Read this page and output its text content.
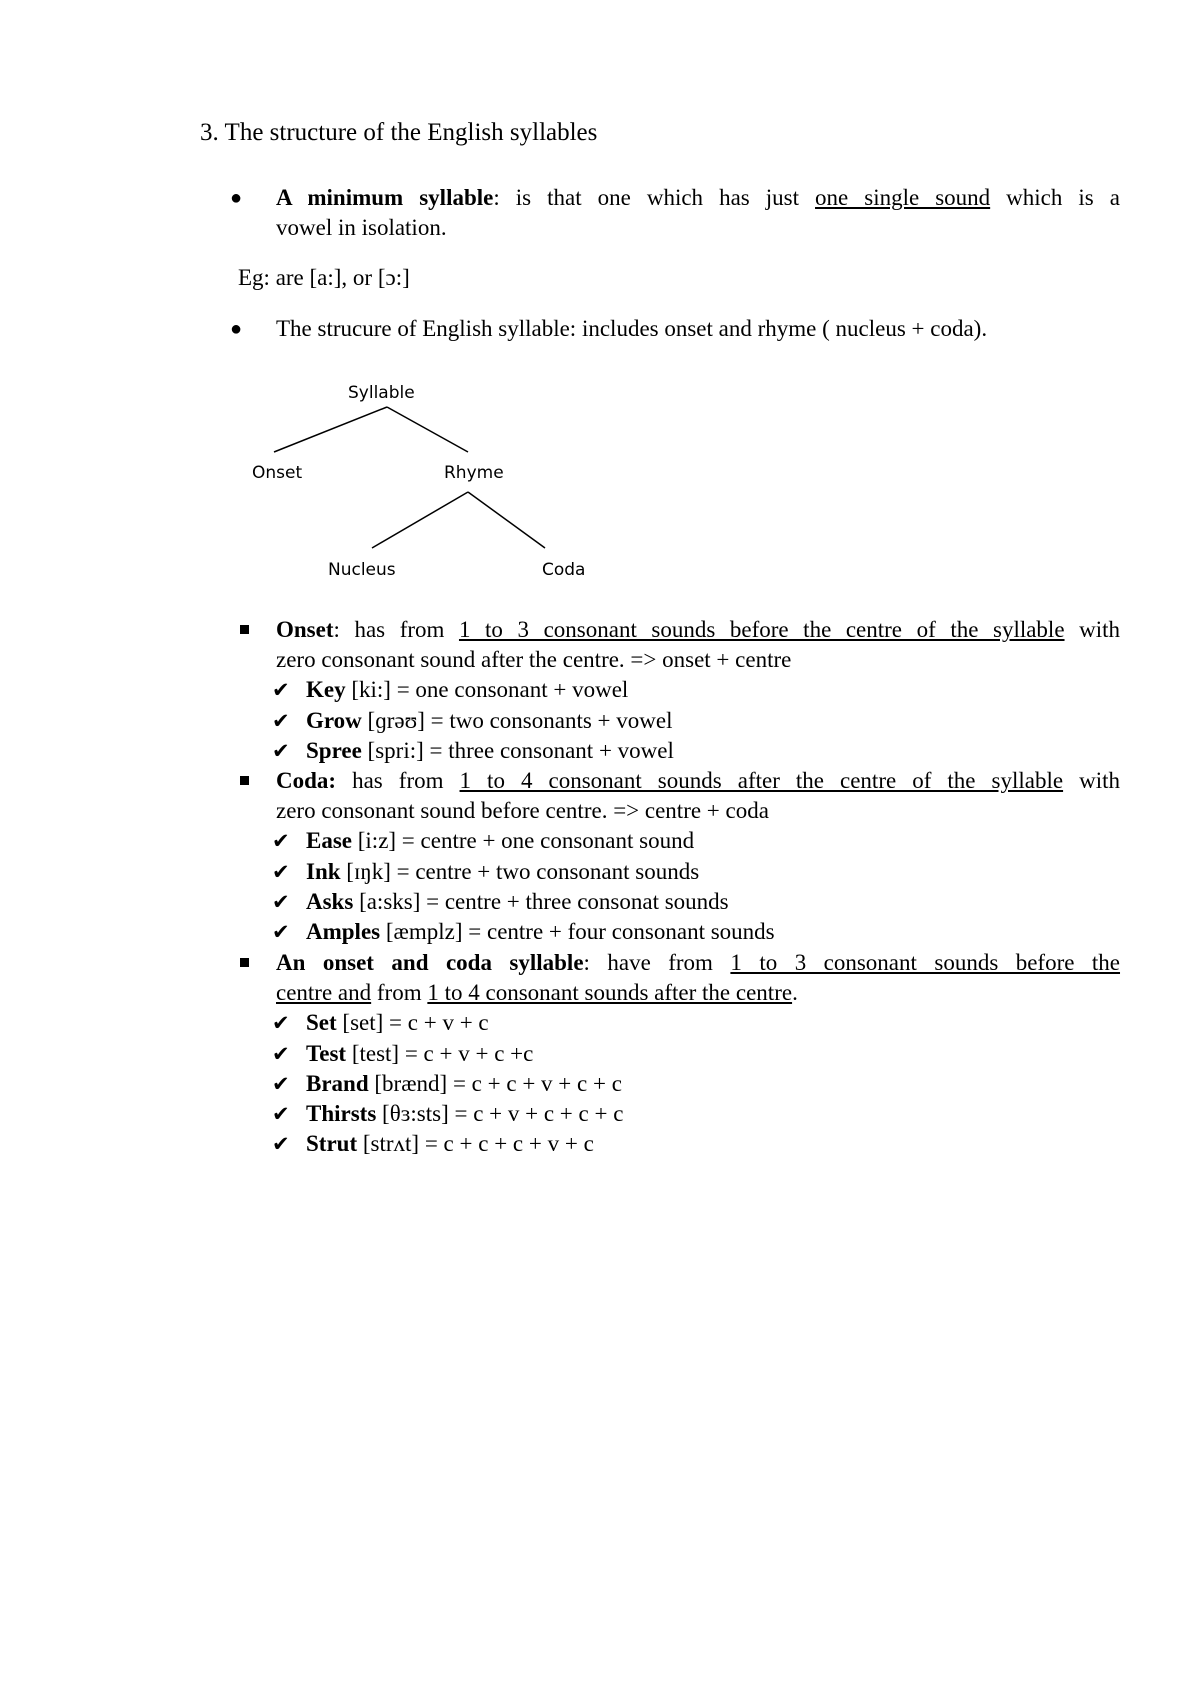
3. The structure of the English syllables
● A minimum syllable: is that one which has just one single sound which is a
vowel in isolation.
Eg: are [a:], or [ɔ:]
● The strucure of English syllable: includes onset and rhyme ( nucleus + coda).
Syllable
Onset	Rhyme
Nucleus	Coda
Onset: has from 1 to 3 consonant sounds before the centre of the syllable with
zero consonant sound after the centre. => onset + centre
✔ Key [ki:] = one consonant + vowel
✔ Grow [ɡrəʊ] = two consonants + vowel
✔ Spree [spri:] = three consonant + vowel
Coda: has from 1 to 4 consonant sounds after the centre of the syllable with
zero consonant sound before centre. => centre + coda
✔ Ease [i:z] = centre + one consonant sound
✔ Ink [ɪŋk] = centre + two consonant sounds
✔ Asks [a:sks] = centre + three consonat sounds
✔ Amples [æmplz] = centre + four consonant sounds
An onset and coda syllable: have from 1 to 3 consonant sounds before the
centre and from 1 to 4 consonant sounds after the centre.
✔ Set [set] = c + v + c
✔ Test [test] = c + v + c +c
✔ Brand [brænd] = c + c + v + c + c
✔ Thirsts [θɜ:sts] = c + v + c + c + c
✔ Strut [strʌt] = c + c + c + v + c
